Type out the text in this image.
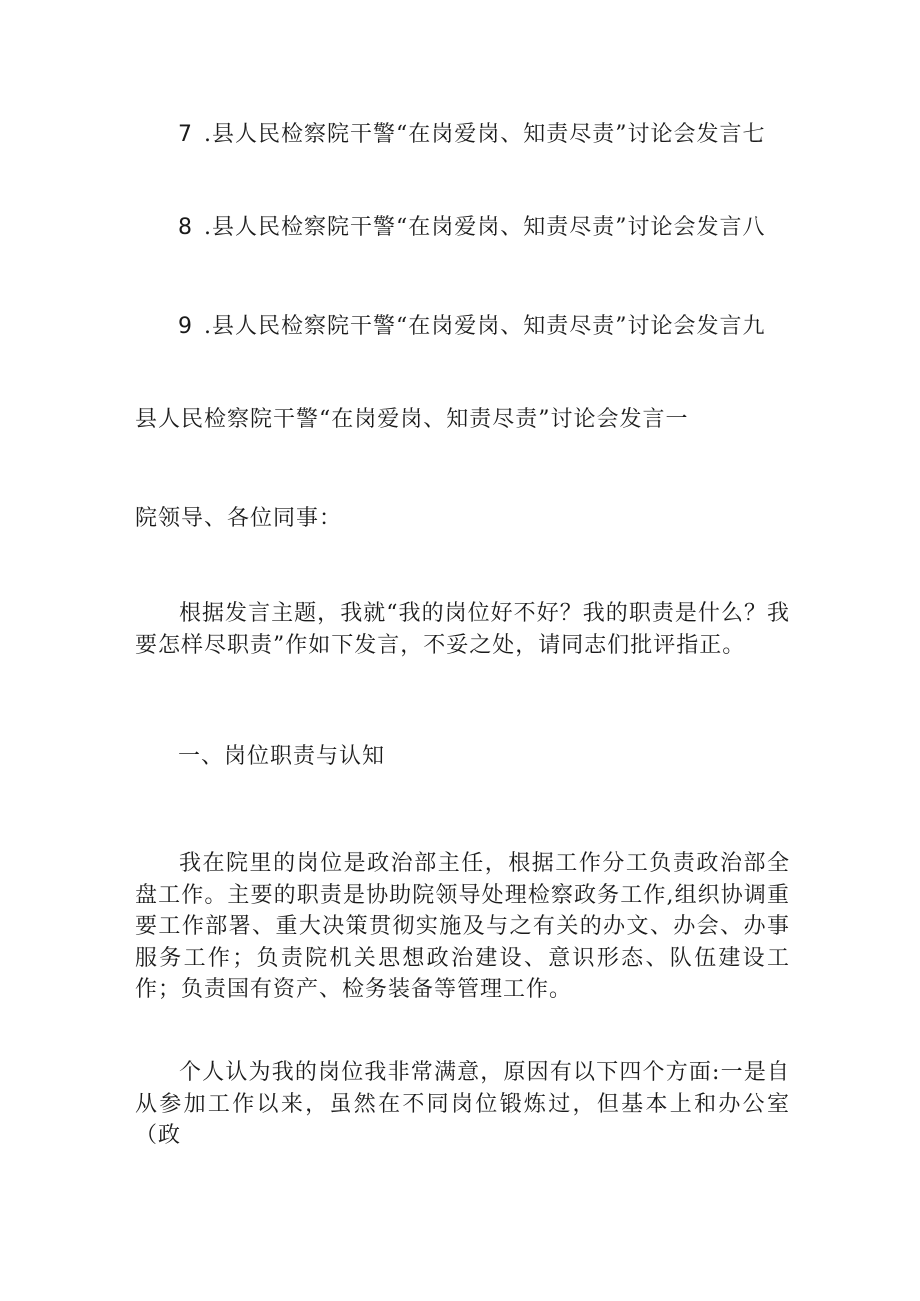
7 .县人民检察院干警“在岗爱岗、知责尽责”讨论会发言七
8 .县人民检察院干警“在岗爱岗、知责尽责”讨论会发言八
9 .县人民检察院干警“在岗爱岗、知责尽责”讨论会发言九
县人民检察院干警“在岗爱岗、知责尽责”讨论会发言一
院领导、各位同事：
根据发言主题，我就“我的岗位好不好？我的职责是什么？我要怎样尽职责”作如下发言，不妥之处，请同志们批评指正。
一、岗位职责与认知
我在院里的岗位是政治部主任，根据工作分工负责政治部全盘工作。主要的职责是协助院领导处理检察政务工作,组织协调重要工作部署、重大决策贯彻实施及与之有关的办文、办会、办事服务工作；负责院机关思想政治建设、意识形态、队伍建设工作；负责国有资产、检务装备等管理工作。
个人认为我的岗位我非常满意，原因有以下四个方面:一是自从参加工作以来，虽然在不同岗位锻炼过，但基本上和办公室（政
